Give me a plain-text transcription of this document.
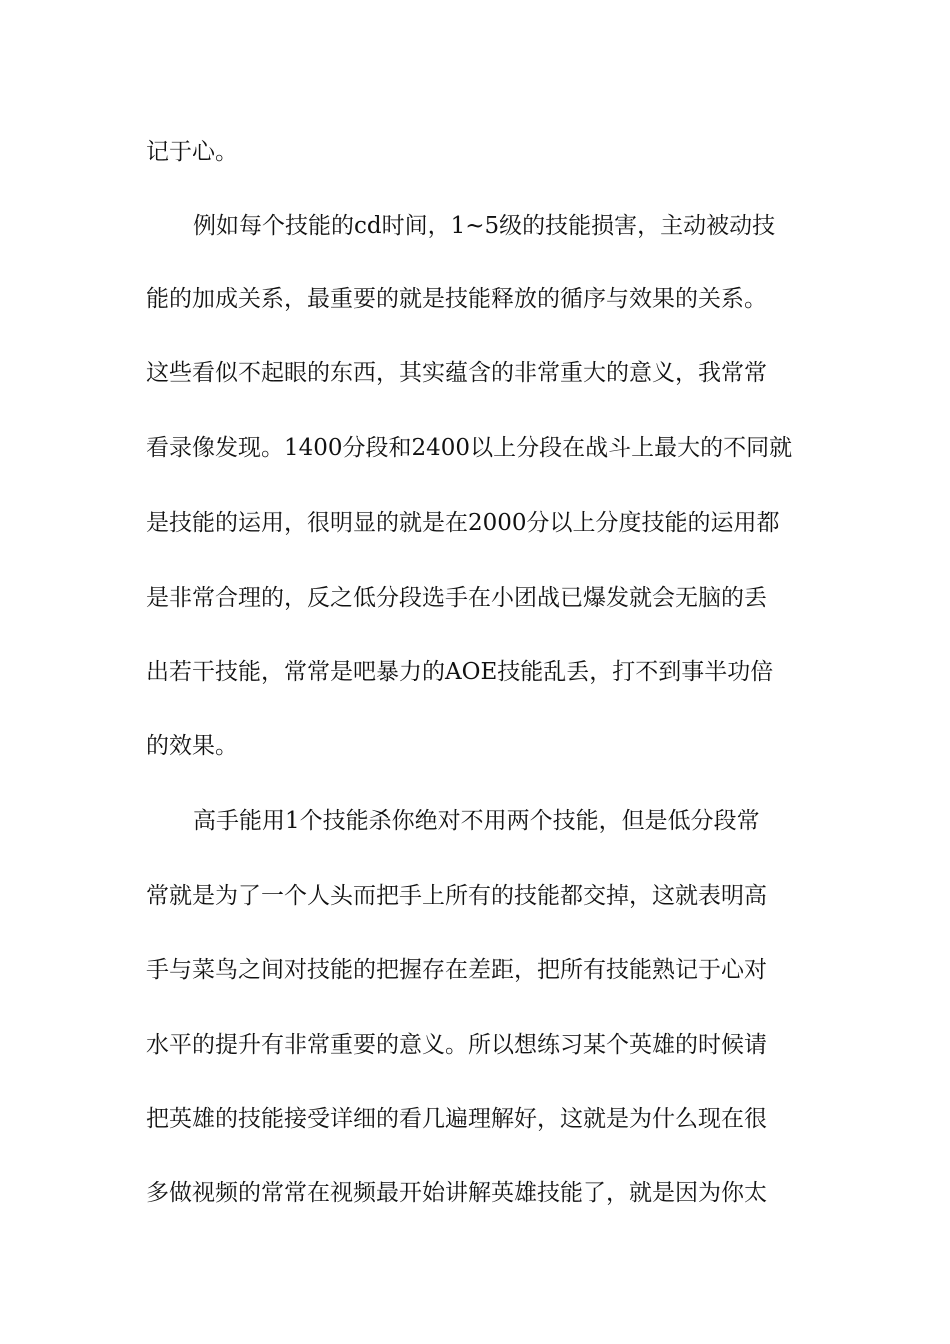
记于心。
例如每个技能的cd时间，1~5级的技能损害，主动被动技
能的加成关系，最重要的就是技能释放的循序与效果的关系。
这些看似不起眼的东西，其实蕴含的非常重大的意义，我常常
看录像发现。1400分段和2400以上分段在战斗上最大的不同就
是技能的运用，很明显的就是在2000分以上分度技能的运用都
是非常合理的，反之低分段选手在小团战已爆发就会无脑的丢
出若干技能，常常是吧暴力的AOE技能乱丢，打不到事半功倍
的效果。
高手能用1个技能杀你绝对不用两个技能，但是低分段常
常就是为了一个人头而把手上所有的技能都交掉，这就表明高
手与菜鸟之间对技能的把握存在差距，把所有技能熟记于心对
水平的提升有非常重要的意义。所以想练习某个英雄的时候请
把英雄的技能接受详细的看几遍理解好，这就是为什么现在很
多做视频的常常在视频最开始讲解英雄技能了，就是因为你太
